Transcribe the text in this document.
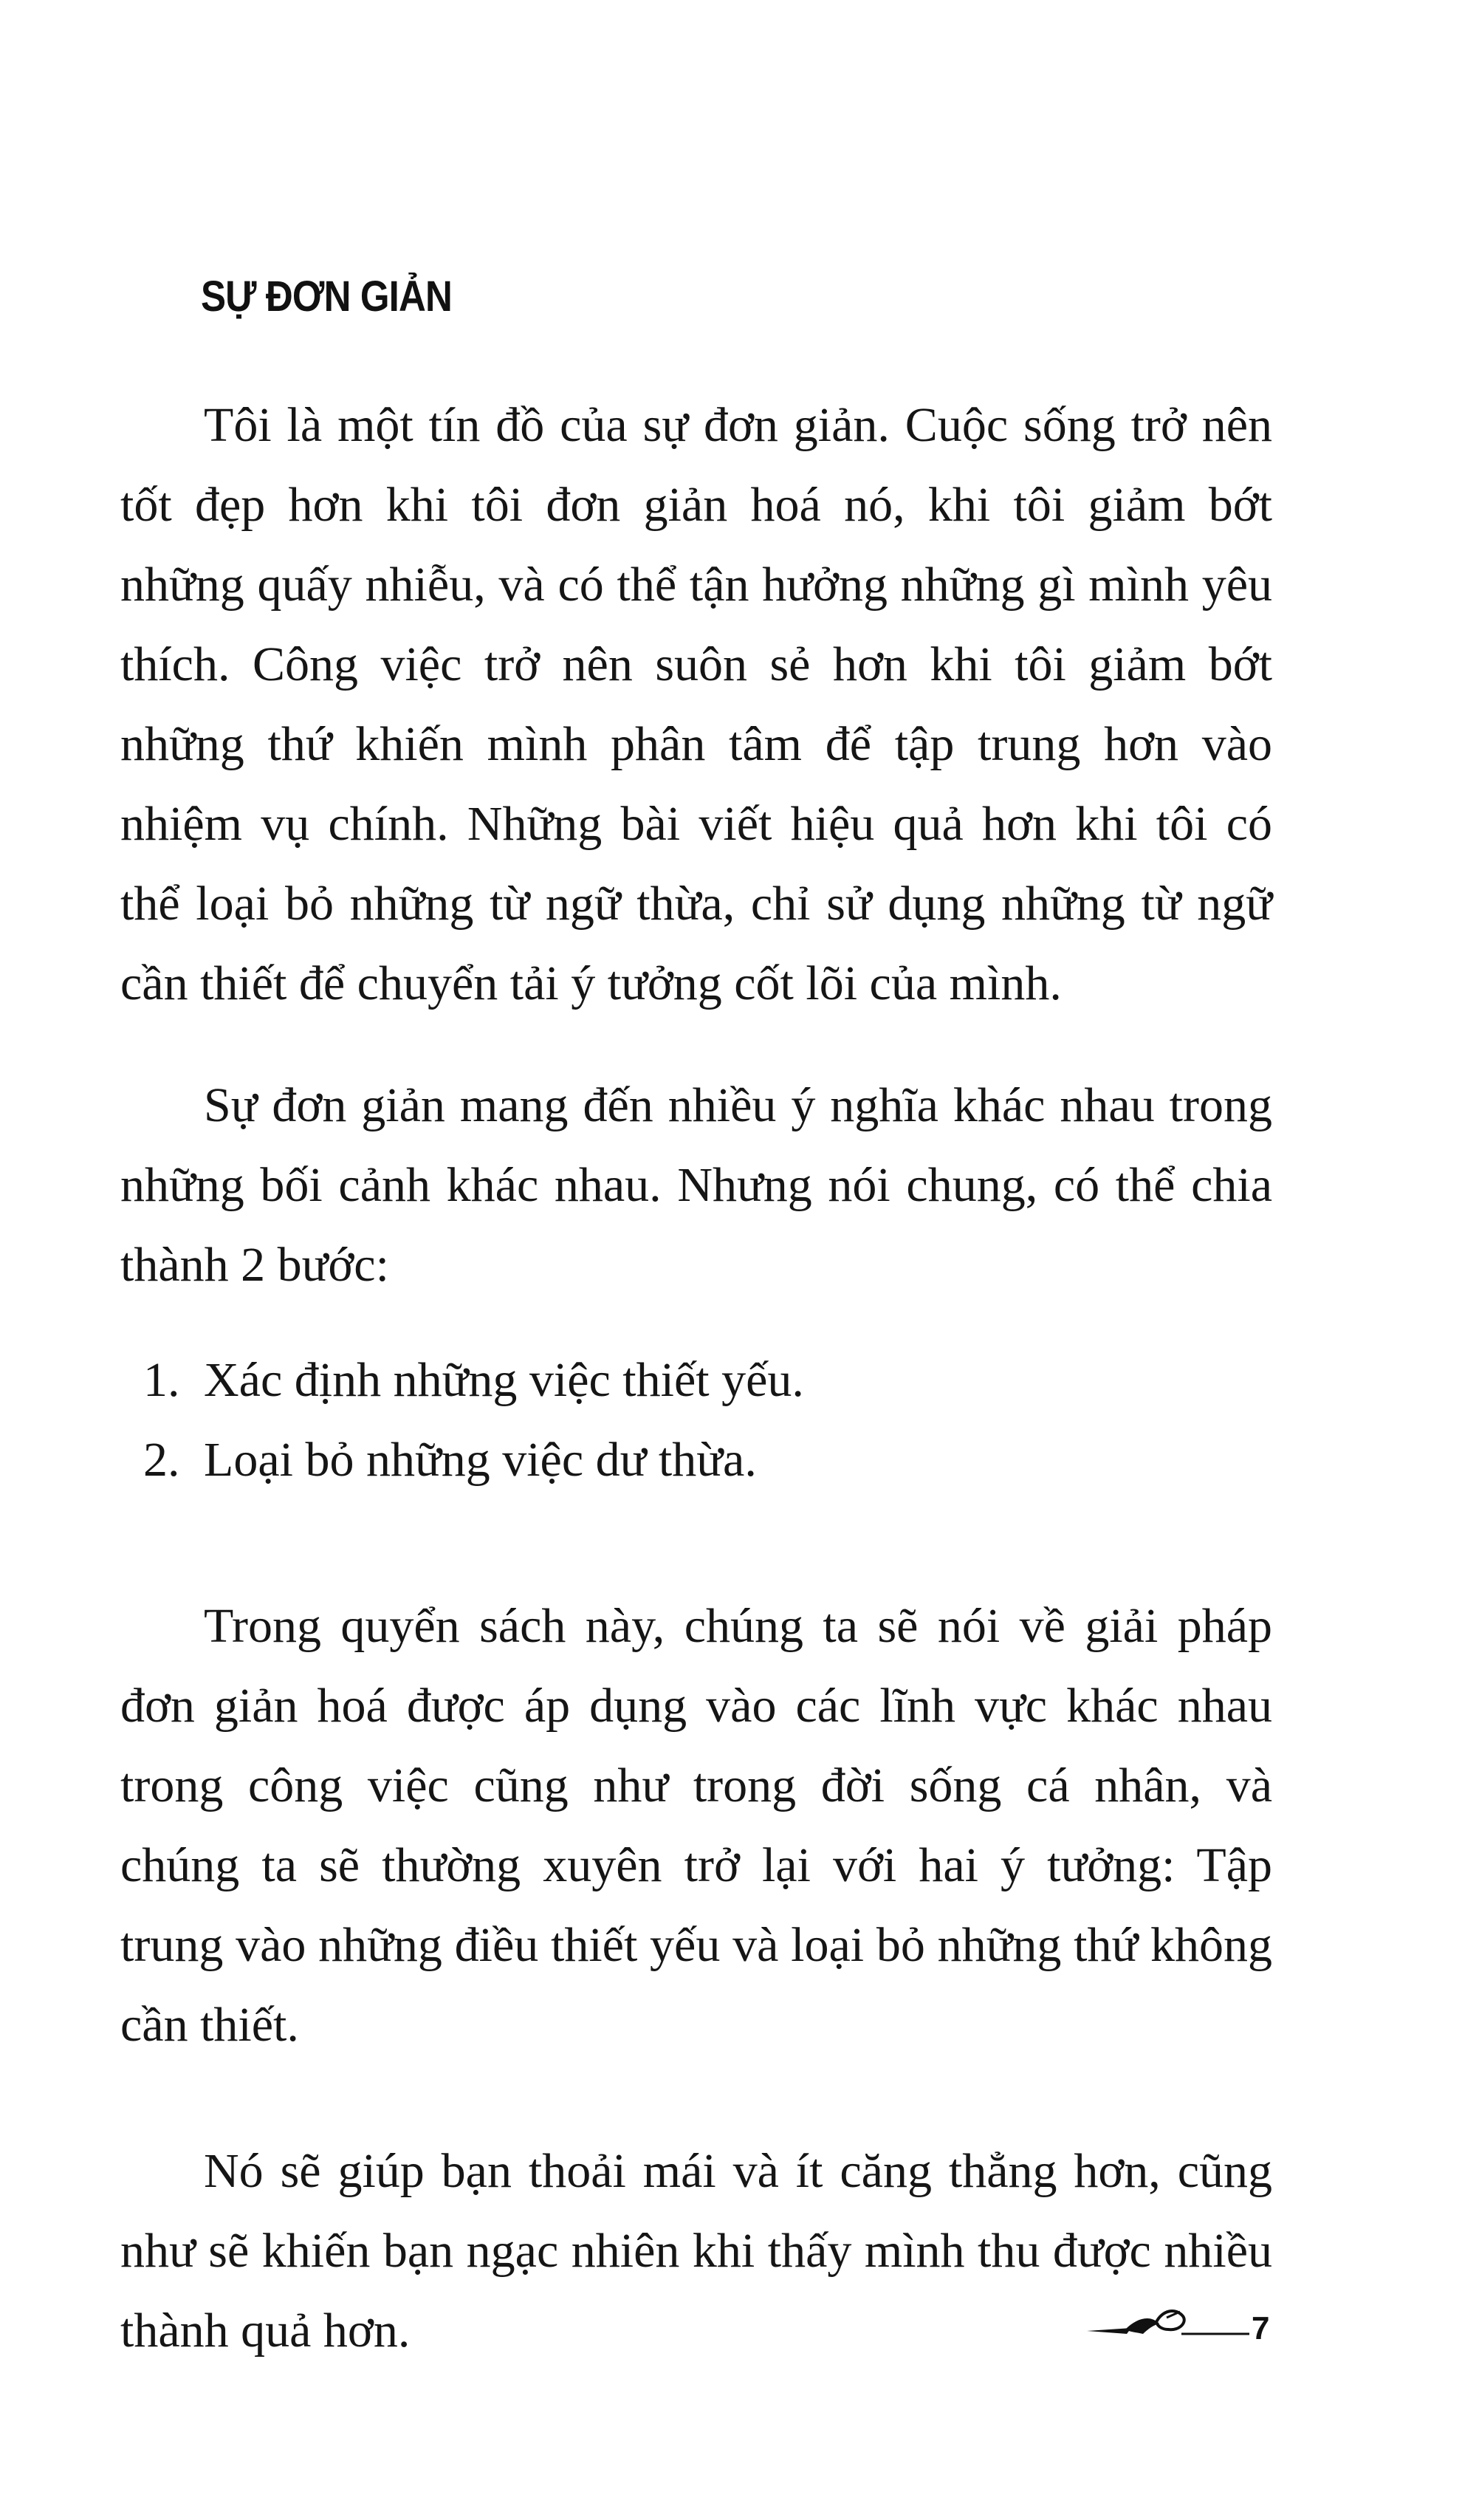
SỰ ĐƠN GIẢN

Tôi là một tín đồ của sự đơn giản. Cuộc sống trở nên tốt đẹp hơn khi tôi đơn giản hoá nó, khi tôi giảm bớt những quấy nhiễu, và có thể tận hưởng những gì mình yêu thích. Công việc trở nên suôn sẻ hơn khi tôi giảm bớt những thứ khiến mình phân tâm để tập trung hơn vào nhiệm vụ chính. Những bài viết hiệu quả hơn khi tôi có thể loại bỏ những từ ngữ thừa, chỉ sử dụng những từ ngữ cần thiết để chuyển tải ý tưởng cốt lõi của mình.

Sự đơn giản mang đến nhiều ý nghĩa khác nhau trong những bối cảnh khác nhau. Nhưng nói chung, có thể chia thành 2 bước:

1. Xác định những việc thiết yếu.
2. Loại bỏ những việc dư thừa.

Trong quyển sách này, chúng ta sẽ nói về giải pháp đơn giản hoá được áp dụng vào các lĩnh vực khác nhau trong công việc cũng như trong đời sống cá nhân, và chúng ta sẽ thường xuyên trở lại với hai ý tưởng: Tập trung vào những điều thiết yếu và loại bỏ những thứ không cần thiết.

Nó sẽ giúp bạn thoải mái và ít căng thẳng hơn, cũng như sẽ khiến bạn ngạc nhiên khi thấy mình thu được nhiều thành quả hơn.	7
